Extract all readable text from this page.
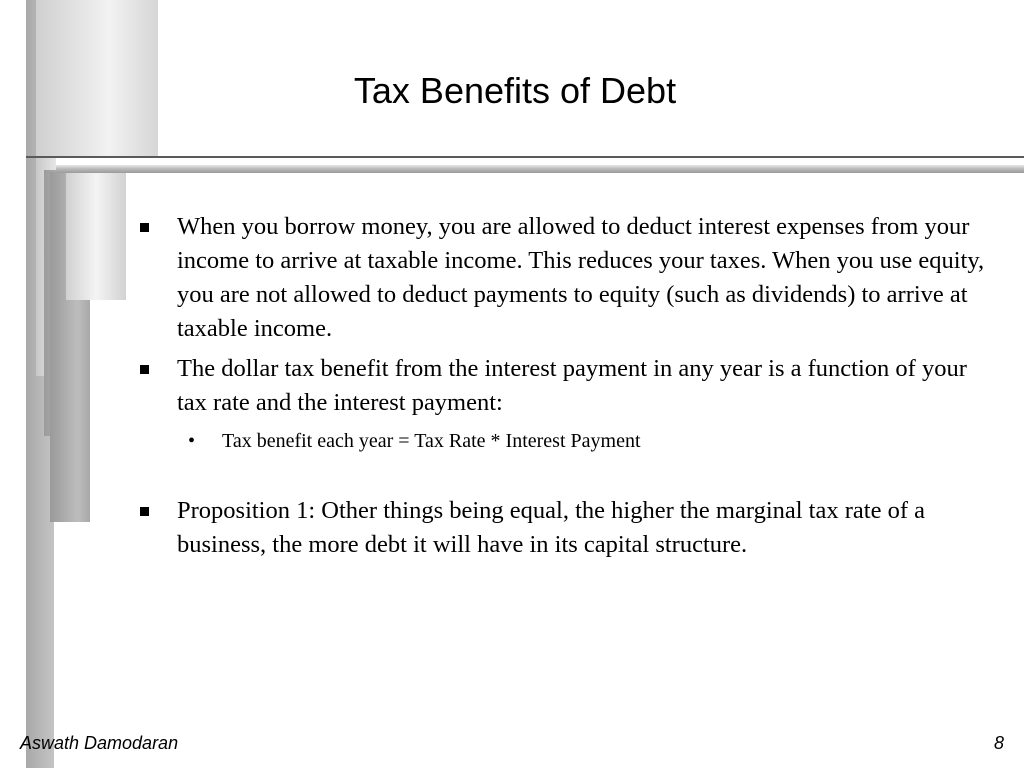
Tax Benefits of Debt
When you borrow money, you are allowed to deduct interest expenses from your income to arrive at taxable income. This reduces your taxes. When you use equity, you are not allowed to deduct payments to equity (such as dividends) to arrive at taxable income.
The dollar tax benefit from the interest payment in any year is a function of your tax rate and the interest payment:
• Tax benefit each year = Tax Rate * Interest Payment
Proposition 1: Other things being equal, the higher the marginal tax rate of a business, the more debt it will have in its capital structure.
Aswath Damodaran	8
